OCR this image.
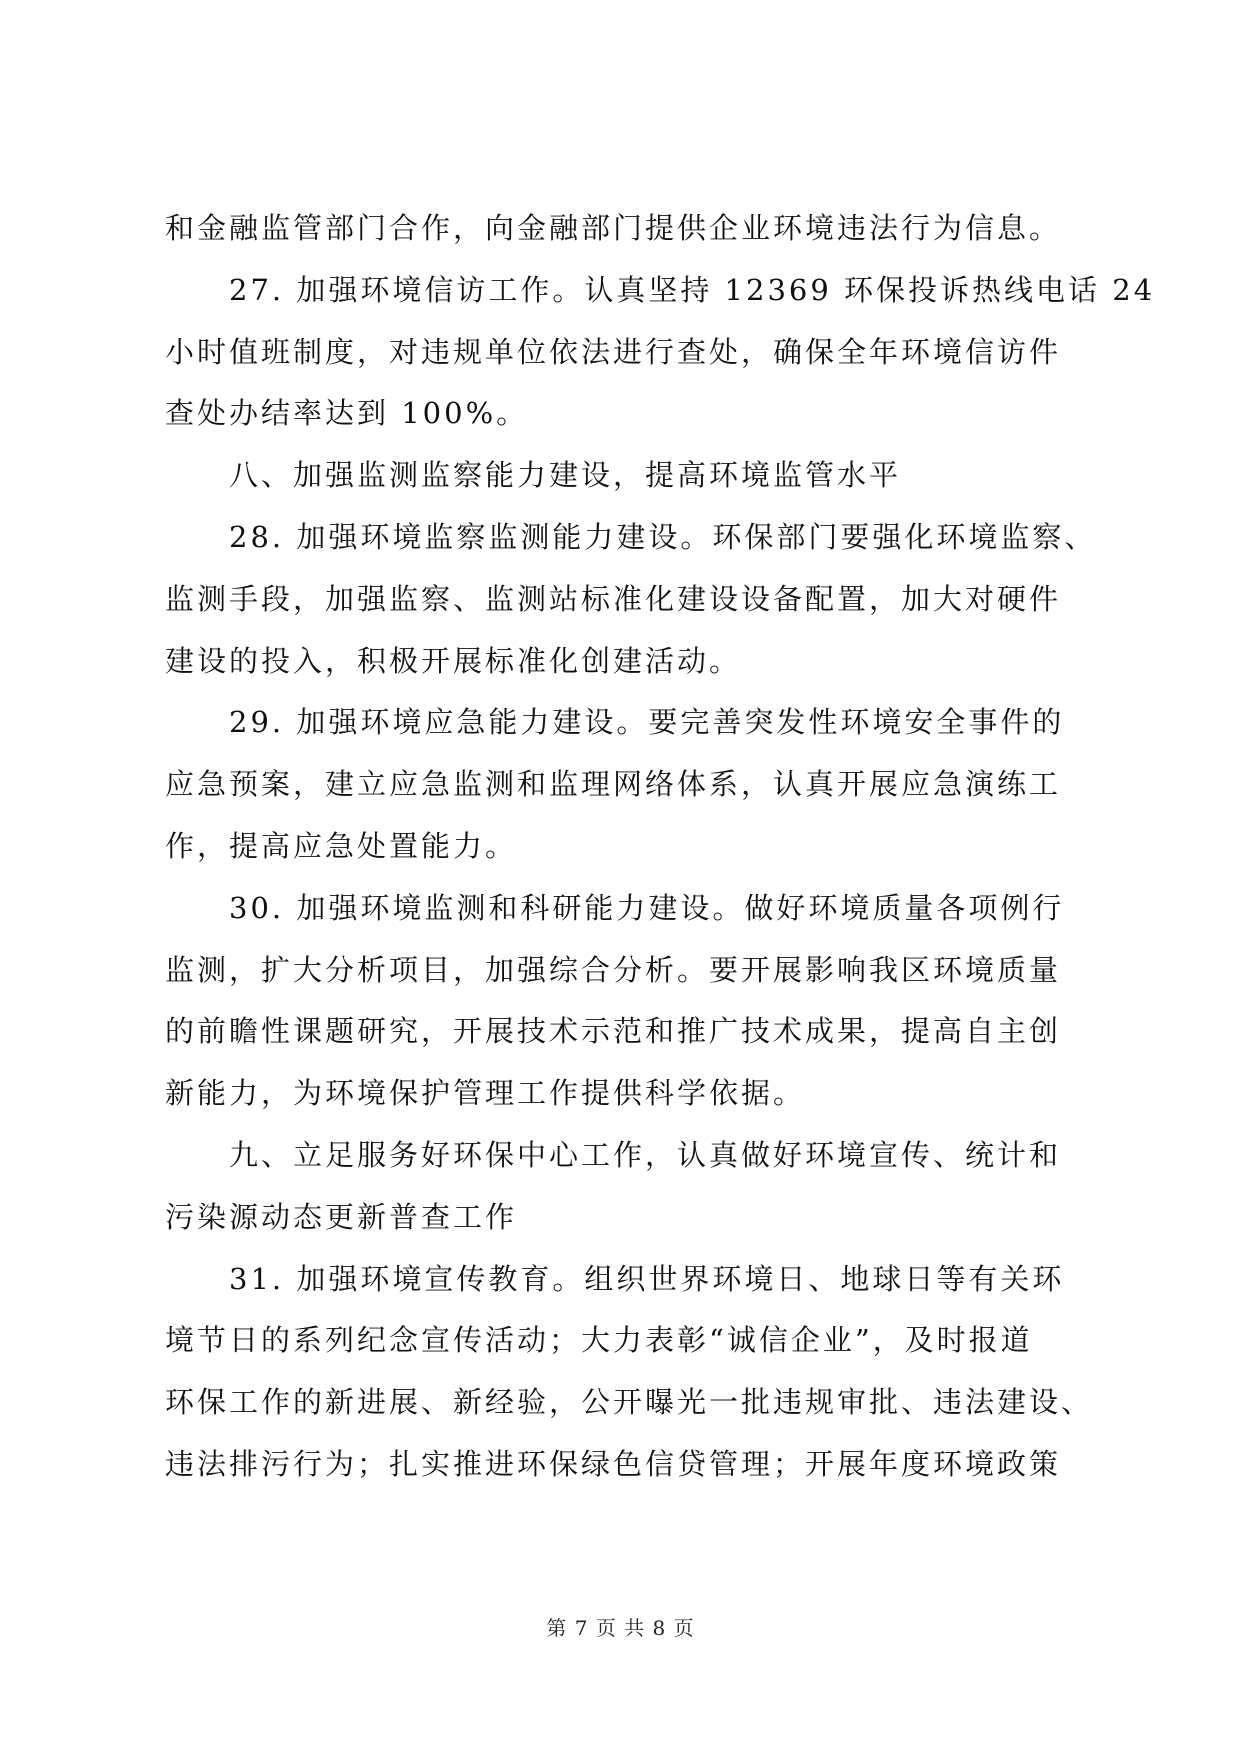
和金融监管部门合作，向金融部门提供企业环境违法行为信息。
　　27. 加强环境信访工作。认真坚持 12369 环保投诉热线电话 24
小时值班制度，对违规单位依法进行查处，确保全年环境信访件
查处办结率达到 100%。
　　八、加强监测监察能力建设，提高环境监管水平
　　28. 加强环境监察监测能力建设。环保部门要强化环境监察、
监测手段，加强监察、监测站标准化建设设备配置，加大对硬件
建设的投入，积极开展标准化创建活动。
　　29. 加强环境应急能力建设。要完善突发性环境安全事件的
应急预案，建立应急监测和监理网络体系，认真开展应急演练工
作，提高应急处置能力。
　　30. 加强环境监测和科研能力建设。做好环境质量各项例行
监测，扩大分析项目，加强综合分析。要开展影响我区环境质量
的前瞻性课题研究，开展技术示范和推广技术成果，提高自主创
新能力，为环境保护管理工作提供科学依据。
　　九、立足服务好环保中心工作，认真做好环境宣传、统计和
污染源动态更新普查工作
　　31. 加强环境宣传教育。组织世界环境日、地球日等有关环
境节日的系列纪念宣传活动；大力表彰“诚信企业”，及时报道
环保工作的新进展、新经验，公开曝光一批违规审批、违法建设、
违法排污行为；扎实推进环保绿色信贷管理；开展年度环境政策
第 7 页 共 8 页
